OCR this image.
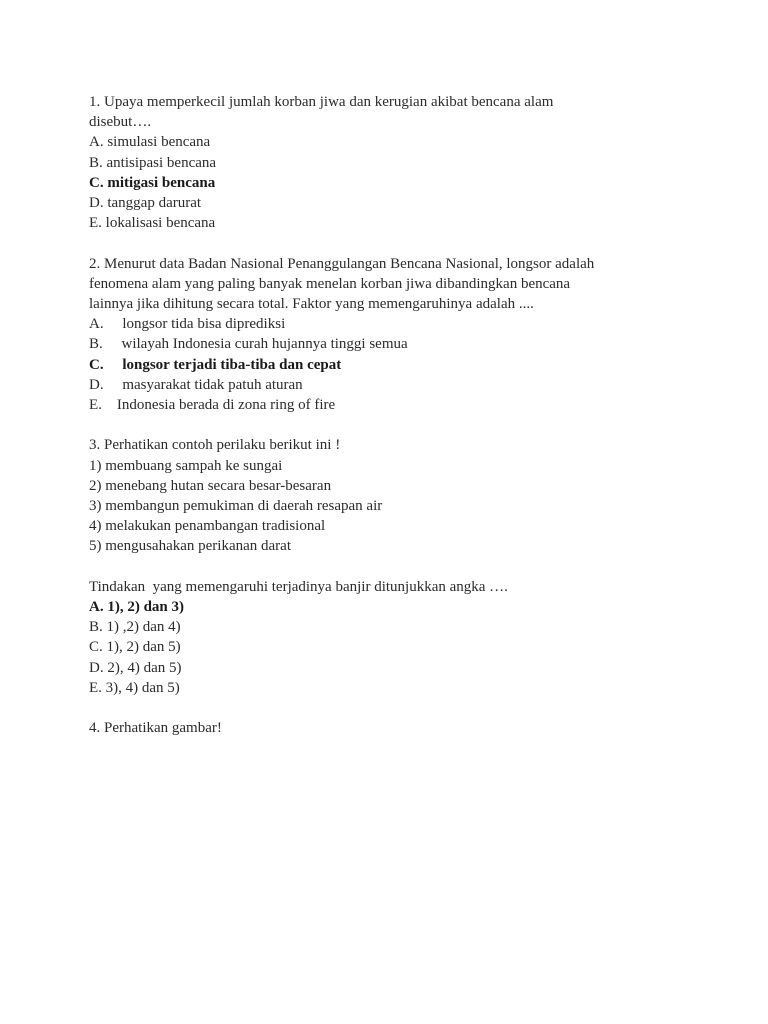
1. Upaya memperkecil jumlah korban jiwa dan kerugian akibat bencana alam
disebut….
A. simulasi bencana
B. antisipasi bencana
C. mitigasi bencana
D. tanggap darurat
E. lokalisasi bencana
2. Menurut data Badan Nasional Penanggulangan Bencana Nasional, longsor adalah
fenomena alam yang paling banyak menelan korban jiwa dibandingkan bencana
lainnya jika dihitung secara total. Faktor yang memengaruhinya adalah ....
A.     longsor tida bisa diprediksi
B.     wilayah Indonesia curah hujannya tinggi semua
C.     longsor terjadi tiba-tiba dan cepat
D.     masyarakat tidak patuh aturan
E.    Indonesia berada di zona ring of fire
3. Perhatikan contoh perilaku berikut ini !
1) membuang sampah ke sungai
2) menebang hutan secara besar-besaran
3) membangun pemukiman di daerah resapan air
4) melakukan penambangan tradisional
5) mengusahakan perikanan darat
Tindakan  yang memengaruhi terjadinya banjir ditunjukkan angka ….
A. 1), 2) dan 3)
B. 1) ,2) dan 4)
C. 1), 2) dan 5)
D. 2), 4) dan 5)
E. 3), 4) dan 5)
4. Perhatikan gambar!
